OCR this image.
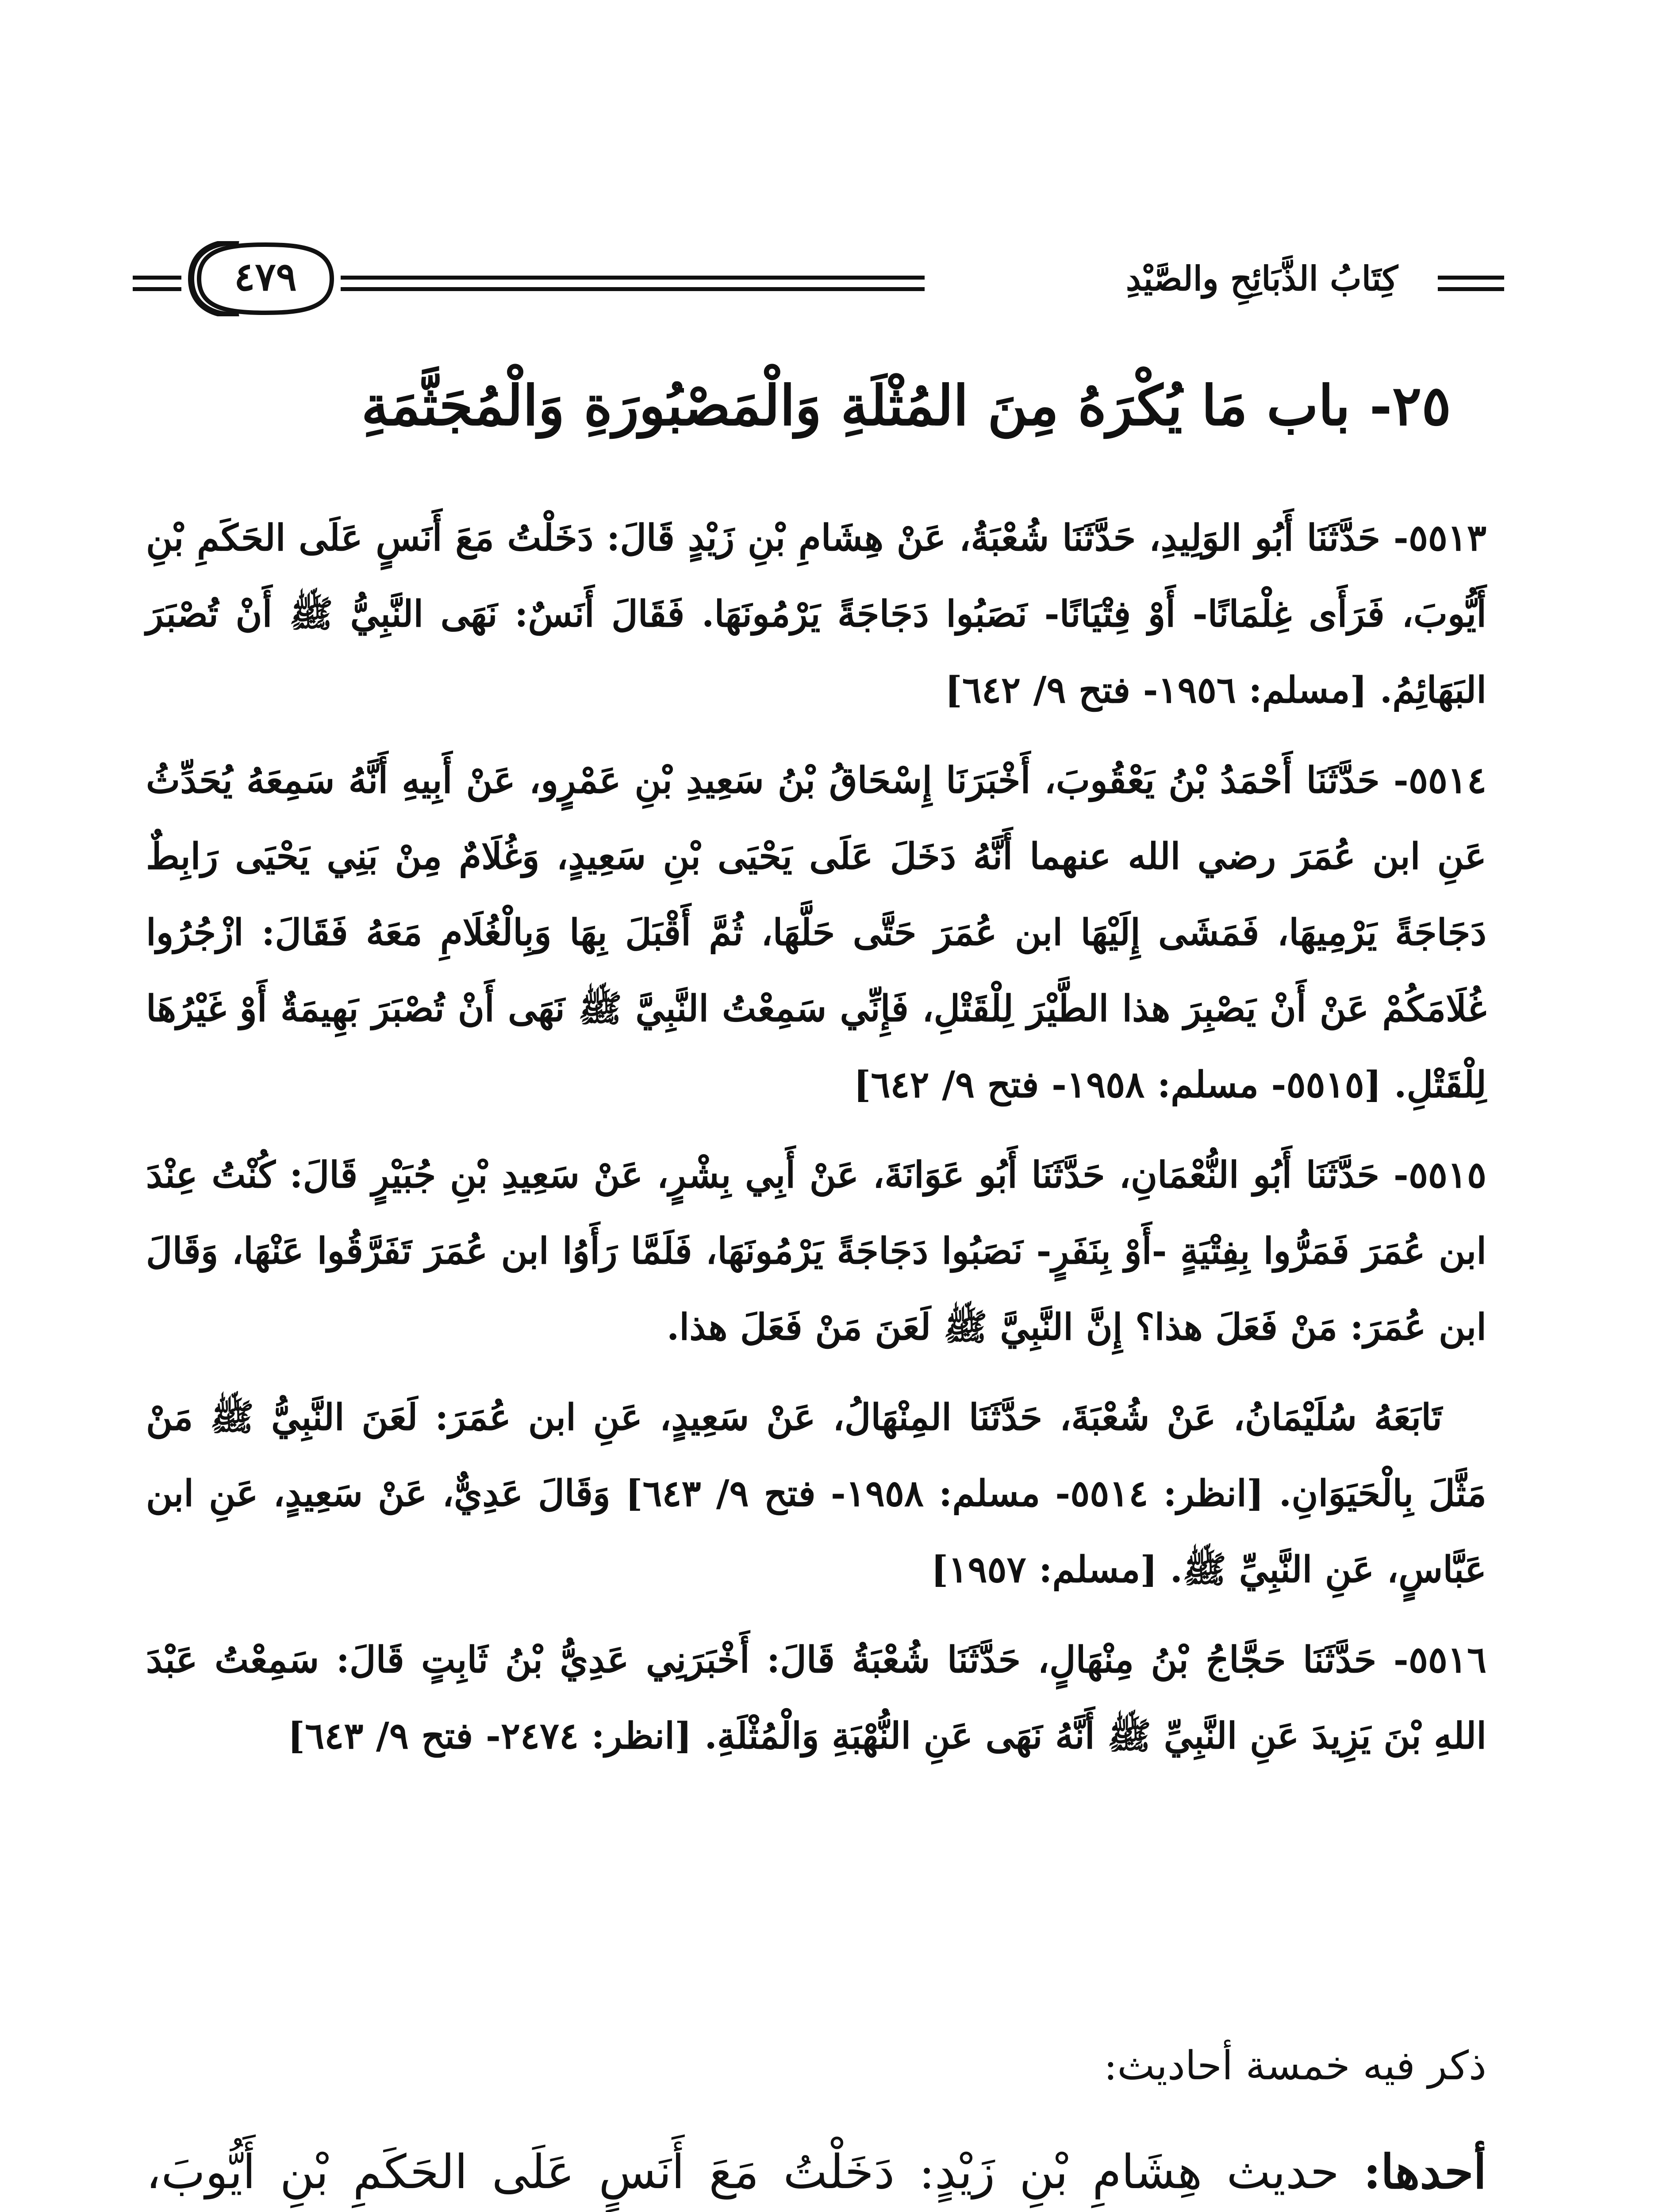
كِتَابُ الذَّبَائِحِ والصَّيْدِ
٤٧٩
٢٥- باب مَا يُكْرَهُ مِنَ المُثْلَةِ وَالْمَصْبُورَةِ وَالْمُجَثَّمَةِ

٥٥١٣- حَدَّثَنَا أَبُو الوَلِيدِ، حَدَّثَنَا شُعْبَةُ، عَنْ هِشَامِ بْنِ زَيْدٍ قَالَ: دَخَلْتُ مَعَ أَنَسٍ عَلَى الحَكَمِ بْنِ أَيُّوبَ، فَرَأَى غِلْمَانًا- أَوْ فِتْيَانًا- نَصَبُوا دَجَاجَةً يَرْمُونَهَا. فَقَالَ أَنَسٌ: نَهَى النَّبِيُّ ﷺ أَنْ تُصْبَرَ البَهَائِمُ. [مسلم: ١٩٥٦- فتح ٩/ ٦٤٢]

٥٥١٤- حَدَّثَنَا أَحْمَدُ بْنُ يَعْقُوبَ، أَخْبَرَنَا إِسْحَاقُ بْنُ سَعِيدِ بْنِ عَمْرٍو، عَنْ أَبِيهِ أَنَّهُ سَمِعَهُ يُحَدِّثُ عَنِ ابن عُمَرَ رضي الله عنهما أَنَّهُ دَخَلَ عَلَى يَحْيَى بْنِ سَعِيدٍ، وَغُلَامٌ مِنْ بَنِي يَحْيَى رَابِطٌ دَجَاجَةً يَرْمِيهَا، فَمَشَى إِلَيْهَا ابن عُمَرَ حَتَّى حَلَّهَا، ثُمَّ أَقْبَلَ بِهَا وَبِالْغُلَامِ مَعَهُ فَقَالَ: ازْجُرُوا غُلَامَكُمْ عَنْ أَنْ يَصْبِرَ هذا الطَّيْرَ لِلْقَتْلِ، فَإِنِّي سَمِعْتُ النَّبِيَّ ﷺ نَهَى أَنْ تُصْبَرَ بَهِيمَةٌ أَوْ غَيْرُهَا لِلْقَتْلِ. [٥٥١٥- مسلم: ١٩٥٨- فتح ٩/ ٦٤٢]

٥٥١٥- حَدَّثَنَا أَبُو النُّعْمَانِ، حَدَّثَنَا أَبُو عَوَانَةَ، عَنْ أَبِي بِشْرٍ، عَنْ سَعِيدِ بْنِ جُبَيْرٍ قَالَ: كُنْتُ عِنْدَ ابن عُمَرَ فَمَرُّوا بِفِتْيَةٍ -أَوْ بِنَفَرٍ- نَصَبُوا دَجَاجَةً يَرْمُونَهَا، فَلَمَّا رَأَوُا ابن عُمَرَ تَفَرَّقُوا عَنْهَا، وَقَالَ ابن عُمَرَ: مَنْ فَعَلَ هذا؟ إِنَّ النَّبِيَّ ﷺ لَعَنَ مَنْ فَعَلَ هذا.

تَابَعَهُ سُلَيْمَانُ، عَنْ شُعْبَةَ، حَدَّثَنَا المِنْهَالُ، عَنْ سَعِيدٍ، عَنِ ابن عُمَرَ: لَعَنَ النَّبِيُّ ﷺ مَنْ مَثَّلَ بِالْحَيَوَانِ. [انظر: ٥٥١٤- مسلم: ١٩٥٨- فتح ٩/ ٦٤٣] وَقَالَ عَدِيٌّ، عَنْ سَعِيدٍ، عَنِ ابن عَبَّاسٍ، عَنِ النَّبِيِّ ﷺ. [مسلم: ١٩٥٧]

٥٥١٦- حَدَّثَنَا حَجَّاجُ بْنُ مِنْهَالٍ، حَدَّثَنَا شُعْبَةُ قَالَ: أَخْبَرَنِي عَدِيُّ بْنُ ثَابِتٍ قَالَ: سَمِعْتُ عَبْدَ اللهِ بْنَ يَزِيدَ عَنِ النَّبِيِّ ﷺ أَنَّهُ نَهَى عَنِ النُّهْبَةِ وَالْمُثْلَةِ. [انظر: ٢٤٧٤- فتح ٩/ ٦٤٣]

ذكر فيه خمسة أحاديث:

أحدها: حديث هِشَامِ بْنِ زَيْدٍ: دَخَلْتُ مَعَ أَنَسٍ عَلَى الحَكَمِ بْنِ أَيُّوبَ،
